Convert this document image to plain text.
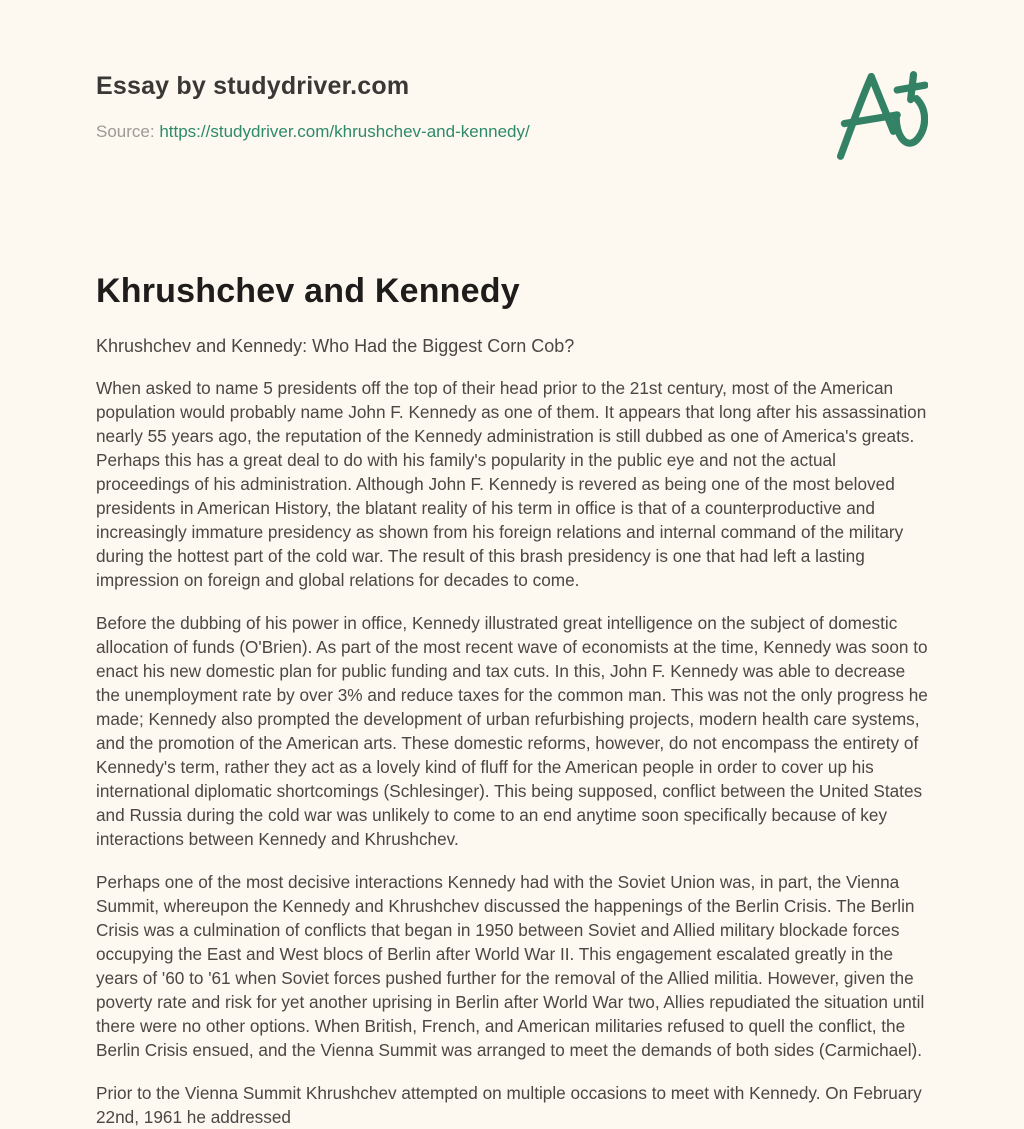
Essay by studydriver.com

Source: https://studydriver.com/khrushchev-and-kennedy/

Khrushchev and Kennedy

Khrushchev and Kennedy: Who Had the Biggest Corn Cob?

When asked to name 5 presidents off the top of their head prior to the 21st century, most of the American population would probably name John F. Kennedy as one of them. It appears that long after his assassination nearly 55 years ago, the reputation of the Kennedy administration is still dubbed as one of America's greats. Perhaps this has a great deal to do with his family's popularity in the public eye and not the actual proceedings of his administration. Although John F. Kennedy is revered as being one of the most beloved presidents in American History, the blatant reality of his term in office is that of a counterproductive and increasingly immature presidency as shown from his foreign relations and internal command of the military during the hottest part of the cold war. The result of this brash presidency is one that had left a lasting impression on foreign and global relations for decades to come.

Before the dubbing of his power in office, Kennedy illustrated great intelligence on the subject of domestic allocation of funds (O'Brien). As part of the most recent wave of economists at the time, Kennedy was soon to enact his new domestic plan for public funding and tax cuts. In this, John F. Kennedy was able to decrease the unemployment rate by over 3% and reduce taxes for the common man. This was not the only progress he made; Kennedy also prompted the development of urban refurbishing projects, modern health care systems, and the promotion of the American arts. These domestic reforms, however, do not encompass the entirety of Kennedy's term, rather they act as a lovely kind of fluff for the American people in order to cover up his international diplomatic shortcomings (Schlesinger). This being supposed, conflict between the United States and Russia during the cold war was unlikely to come to an end anytime soon specifically because of key interactions between Kennedy and Khrushchev.

Perhaps one of the most decisive interactions Kennedy had with the Soviet Union was, in part, the Vienna Summit, whereupon the Kennedy and Khrushchev discussed the happenings of the Berlin Crisis. The Berlin Crisis was a culmination of conflicts that began in 1950 between Soviet and Allied military blockade forces occupying the East and West blocs of Berlin after World War II. This engagement escalated greatly in the years of '60 to '61 when Soviet forces pushed further for the removal of the Allied militia. However, given the poverty rate and risk for yet another uprising in Berlin after World War two, Allies repudiated the situation until there were no other options. When British, French, and American militaries refused to quell the conflict, the Berlin Crisis ensued, and the Vienna Summit was arranged to meet the demands of both sides (Carmichael).

Prior to the Vienna Summit Khrushchev attempted on multiple occasions to meet with Kennedy. On February 22nd, 1961 he addressed
